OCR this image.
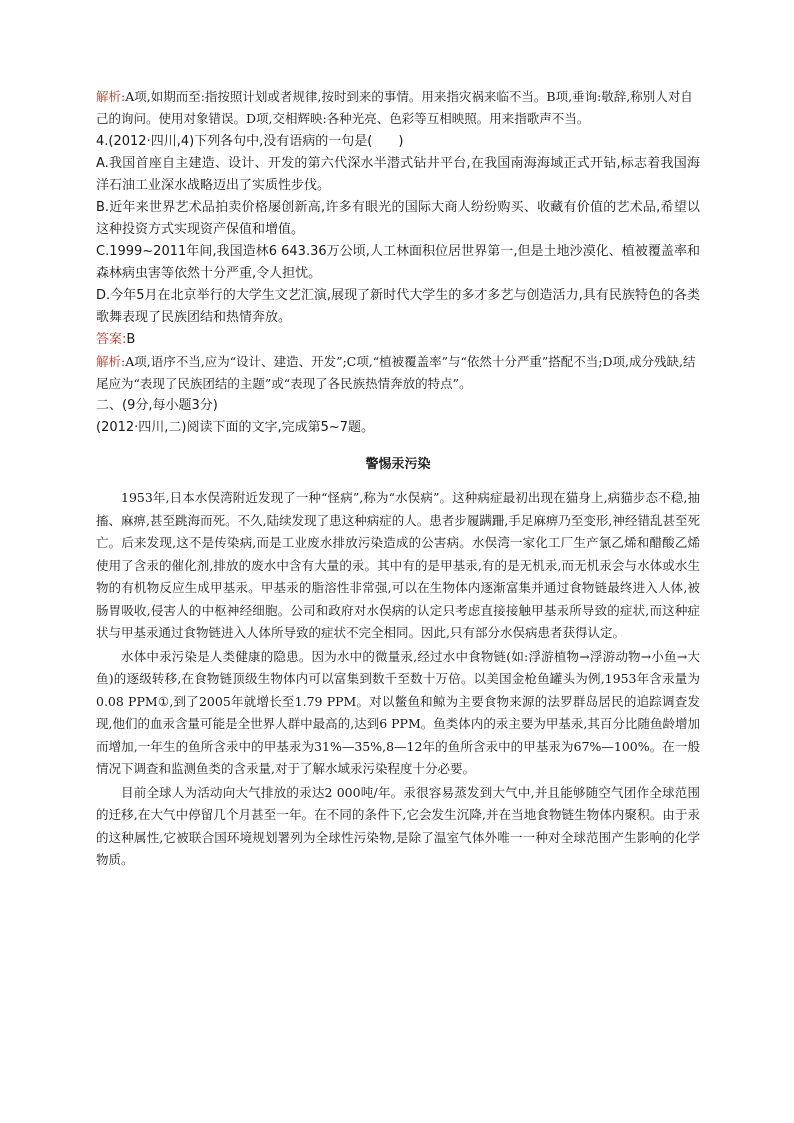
解析:A项,如期而至:指按照计划或者规律,按时到来的事情。用来指灾祸来临不当。B项,垂询:敬辞,称别人对自己的询问。使用对象错误。D项,交相辉映:各种光亮、色彩等互相映照。用来指歌声不当。

4.(2012·四川,4)下列各句中,没有语病的一句是(　　)

A.我国首座自主建造、设计、开发的第六代深水半潜式钻井平台,在我国南海海域正式开钻,标志着我国海洋石油工业深水战略迈出了实质性步伐。

B.近年来世界艺术品拍卖价格屡创新高,许多有眼光的国际大商人纷纷购买、收藏有价值的艺术品,希望以这种投资方式实现资产保值和增值。

C.1999~2011年间,我国造林6 643.36万公顷,人工林面积位居世界第一,但是土地沙漠化、植被覆盖率和森林病虫害等依然十分严重,令人担忧。

D.今年5月在北京举行的大学生文艺汇演,展现了新时代大学生的多才多艺与创造活力,具有民族特色的各类歌舞表现了民族团结和热情奔放。

答案:B

解析:A项,语序不当,应为“设计、建造、开发”;C项,“植被覆盖率”与“依然十分严重”搭配不当;D项,成分残缺,结尾应为“表现了民族团结的主题”或“表现了各民族热情奔放的特点”。

二、(9分,每小题3分)

(2012·四川,二)阅读下面的文字,完成第5~7题。

警惕汞污染

1953年,日本水俣湾附近发现了一种“怪病”,称为“水俣病”。这种病症最初出现在猫身上,病猫步态不稳,抽搐、麻痹,甚至跳海而死。不久,陆续发现了患这种病症的人。患者步履蹒跚,手足麻痹乃至变形,神经错乱甚至死亡。后来发现,这不是传染病,而是工业废水排放污染造成的公害病。水俣湾一家化工厂生产氯乙烯和醋酸乙烯使用了含汞的催化剂,排放的废水中含有大量的汞。其中有的是甲基汞,有的是无机汞,而无机汞会与水体或水生物的有机物反应生成甲基汞。甲基汞的脂溶性非常强,可以在生物体内逐渐富集并通过食物链最终进入人体,被肠胃吸收,侵害人的中枢神经细胞。公司和政府对水俣病的认定只考虑直接接触甲基汞所导致的症状,而这种症状与甲基汞通过食物链进入人体所导致的症状不完全相同。因此,只有部分水俣病患者获得认定。

水体中汞污染是人类健康的隐患。因为水中的微量汞,经过水中食物链(如:浮游植物→浮游动物→小鱼→大鱼)的逐级转移,在食物链顶级生物体内可以富集到数千至数十万倍。以美国金枪鱼罐头为例,1953年含汞量为0.08 PPM①,到了2005年就增长至1.79 PPM。对以鳖鱼和鲸为主要食物来源的法罗群岛居民的追踪调查发现,他们的血汞含量可能是全世界人群中最高的,达到6 PPM。鱼类体内的汞主要为甲基汞,其百分比随鱼龄增加而增加,一年生的鱼所含汞中的甲基汞为31%—35%,8—12年的鱼所含汞中的甲基汞为67%—100%。在一般情况下调查和监测鱼类的含汞量,对于了解水域汞污染程度十分必要。

目前全球人为活动向大气排放的汞达2 000吨/年。汞很容易蒸发到大气中,并且能够随空气团作全球范围的迁移,在大气中停留几个月甚至一年。在不同的条件下,它会发生沉降,并在当地食物链生物体内聚积。由于汞的这种属性,它被联合国环境规划署列为全球性污染物,是除了温室气体外唯一一种对全球范围产生影响的化学物质。
